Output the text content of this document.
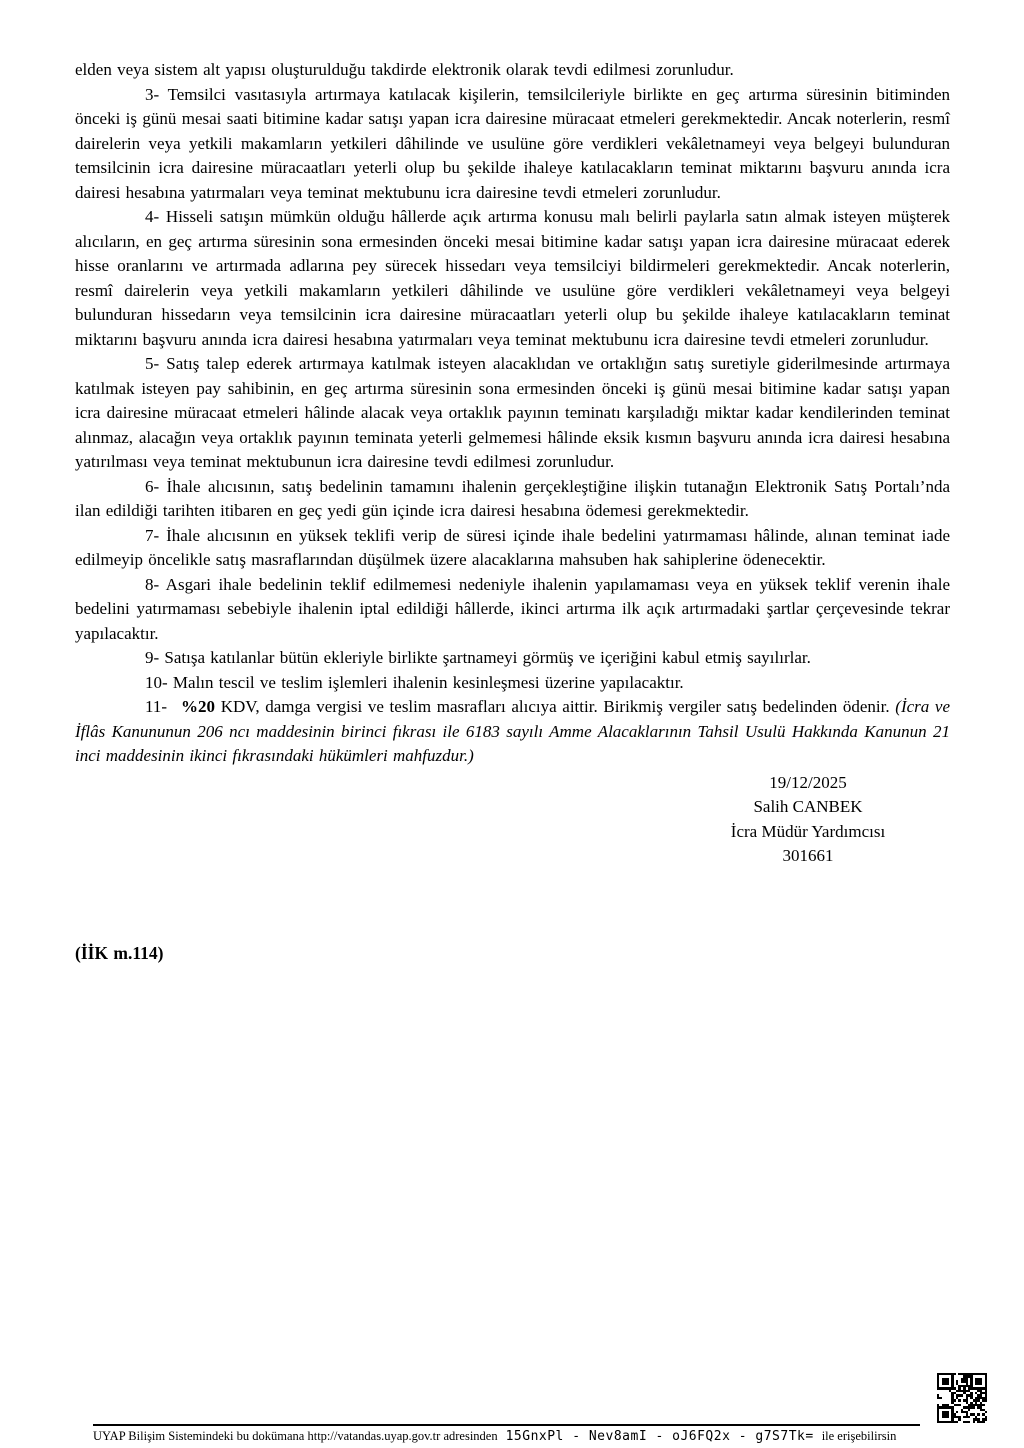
elden veya sistem alt yapısı oluşturulduğu takdirde elektronik olarak tevdi edilmesi zorunludur.

3- Temsilci vasıtasıyla artırmaya katılacak kişilerin, temsilcileriyle birlikte en geç artırma süresinin bitiminden önceki iş günü mesai saati bitimine kadar satışı yapan icra dairesine müracaat etmeleri gerekmektedir. Ancak noterlerin, resmî dairelerin veya yetkili makamların yetkileri dâhilinde ve usulüne göre verdikleri vekâletnameyi veya belgeyi bulunduran temsilcinin icra dairesine müracaatları yeterli olup bu şekilde ihaleye katılacakların teminat miktarını başvuru anında icra dairesi hesabına yatırmaları veya teminat mektubunu icra dairesine tevdi etmeleri zorunludur.

4- Hisseli satışın mümkün olduğu hâllerde açık artırma konusu malı belirli paylarla satın almak isteyen müşterek alıcıların, en geç artırma süresinin sona ermesinden önceki mesai bitimine kadar satışı yapan icra dairesine müracaat ederek hisse oranlarını ve artırmada adlarına pey sürecek hissedarı veya temsilciyi bildirmeleri gerekmektedir. Ancak noterlerin, resmî dairelerin veya yetkili makamların yetkileri dâhilinde ve usulüne göre verdikleri vekâletnameyi veya belgeyi bulunduran hissedarın veya temsilcinin icra dairesine müracaatları yeterli olup bu şekilde ihaleye katılacakların teminat miktarını başvuru anında icra dairesi hesabına yatırmaları veya teminat mektubunu icra dairesine tevdi etmeleri zorunludur.

5- Satış talep ederek artırmaya katılmak isteyen alacaklıdan ve ortaklığın satış suretiyle giderilmesinde artırmaya katılmak isteyen pay sahibinin, en geç artırma süresinin sona ermesinden önceki iş günü mesai bitimine kadar satışı yapan icra dairesine müracaat etmeleri hâlinde alacak veya ortaklık payının teminatı karşıladığı miktar kadar kendilerinden teminat alınmaz, alacağın veya ortaklık payının teminata yeterli gelmemesi hâlinde eksik kısmın başvuru anında icra dairesi hesabına yatırılması veya teminat mektubunun icra dairesine tevdi edilmesi zorunludur.

6- İhale alıcısının, satış bedelinin tamamını ihalenin gerçekleştiğine ilişkin tutanağın Elektronik Satış Portalı’nda ilan edildiği tarihten itibaren en geç yedi gün içinde icra dairesi hesabına ödemesi gerekmektedir.

7- İhale alıcısının en yüksek teklifi verip de süresi içinde ihale bedelini yatırmaması hâlinde, alınan teminat iade edilmeyip öncelikle satış masraflarından düşülmek üzere alacaklarına mahsuben hak sahiplerine ödenecektir.

8- Asgari ihale bedelinin teklif edilmemesi nedeniyle ihalenin yapılamaması veya en yüksek teklif verenin ihale bedelini yatırmaması sebebiyle ihalenin iptal edildiği hâllerde, ikinci artırma ilk açık artırmadaki şartlar çerçevesinde tekrar yapılacaktır.

9- Satışa katılanlar bütün ekleriyle birlikte şartnameyi görmüş ve içeriğini kabul etmiş sayılırlar.

10- Malın tescil ve teslim işlemleri ihalenin kesinleşmesi üzerine yapılacaktır.

11- %20 KDV, damga vergisi ve teslim masrafları alıcıya aittir. Birikmiş vergiler satış bedelinden ödenir. (İcra ve İflâs Kanununun 206 ncı maddesinin birinci fıkrası ile 6183 sayılı Amme Alacaklarının Tahsil Usulü Hakkında Kanunun 21 inci maddesinin ikinci fıkrasındaki hükümleri mahfuzdur.)

19/12/2025
Salih CANBEK
İcra Müdür Yardımcısı
301661

(İİK m.114)

UYAP Bilişim Sistemindeki bu dokümana http://vatandas.uyap.gov.tr adresinden 15GnxPl - Nev8amI - oJ6FQ2x - g7S7Tk= ile erişebilirsin
